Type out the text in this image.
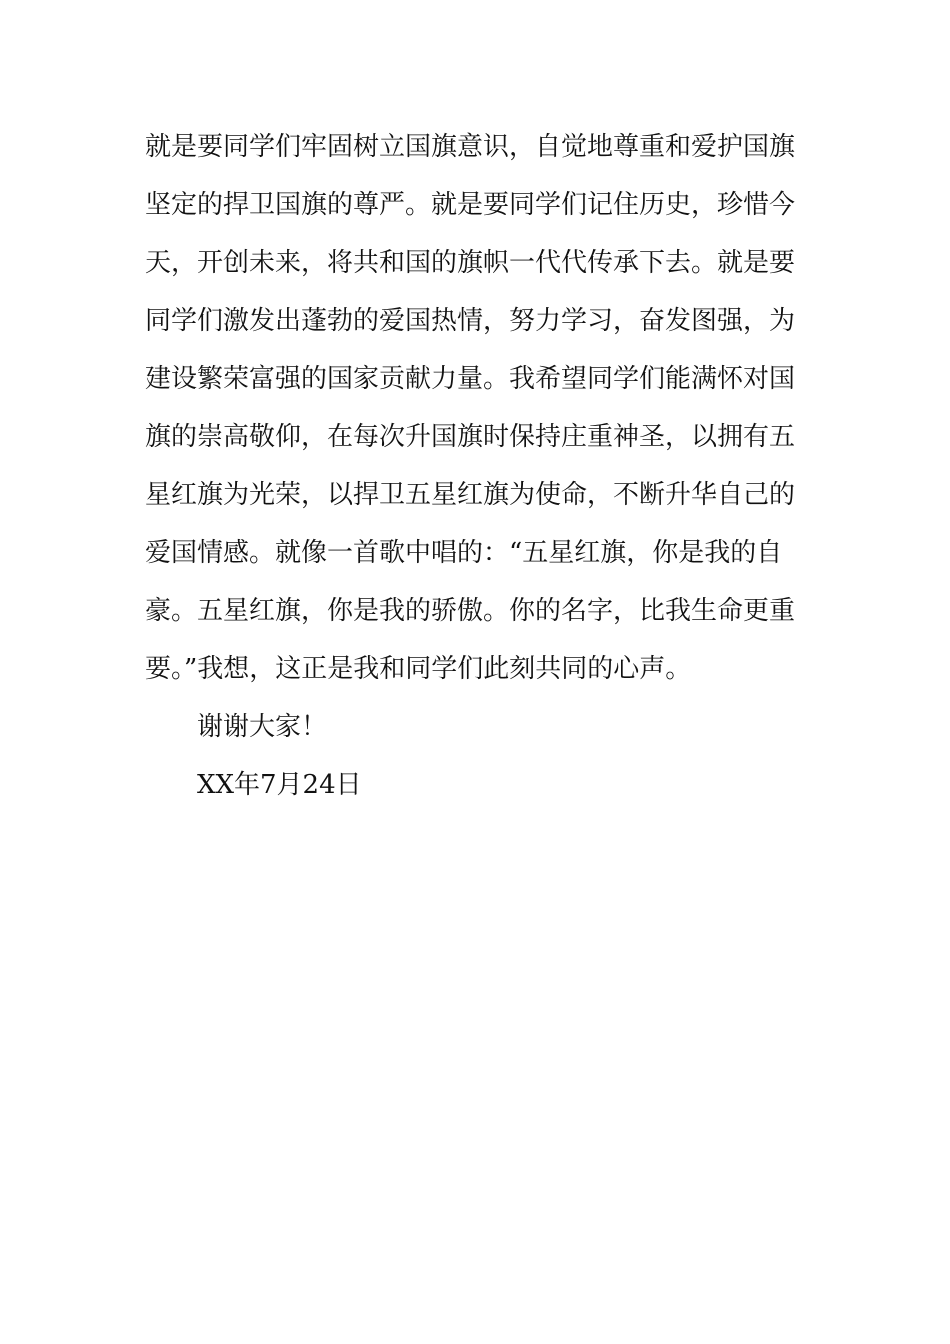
就是要同学们牢固树立国旗意识，自觉地尊重和爱护国旗
坚定的捍卫国旗的尊严。就是要同学们记住历史，珍惜今
天，开创未来，将共和国的旗帜一代代传承下去。就是要
同学们激发出蓬勃的爱国热情，努力学习，奋发图强，为
建设繁荣富强的国家贡献力量。我希望同学们能满怀对国
旗的崇高敬仰，在每次升国旗时保持庄重神圣，以拥有五
星红旗为光荣，以捍卫五星红旗为使命，不断升华自己的
爱国情感。就像一首歌中唱的：“五星红旗，你是我的自
豪。五星红旗，你是我的骄傲。你的名字，比我生命更重
要。”我想，这正是我和同学们此刻共同的心声。
谢谢大家！
XX年7月24日
